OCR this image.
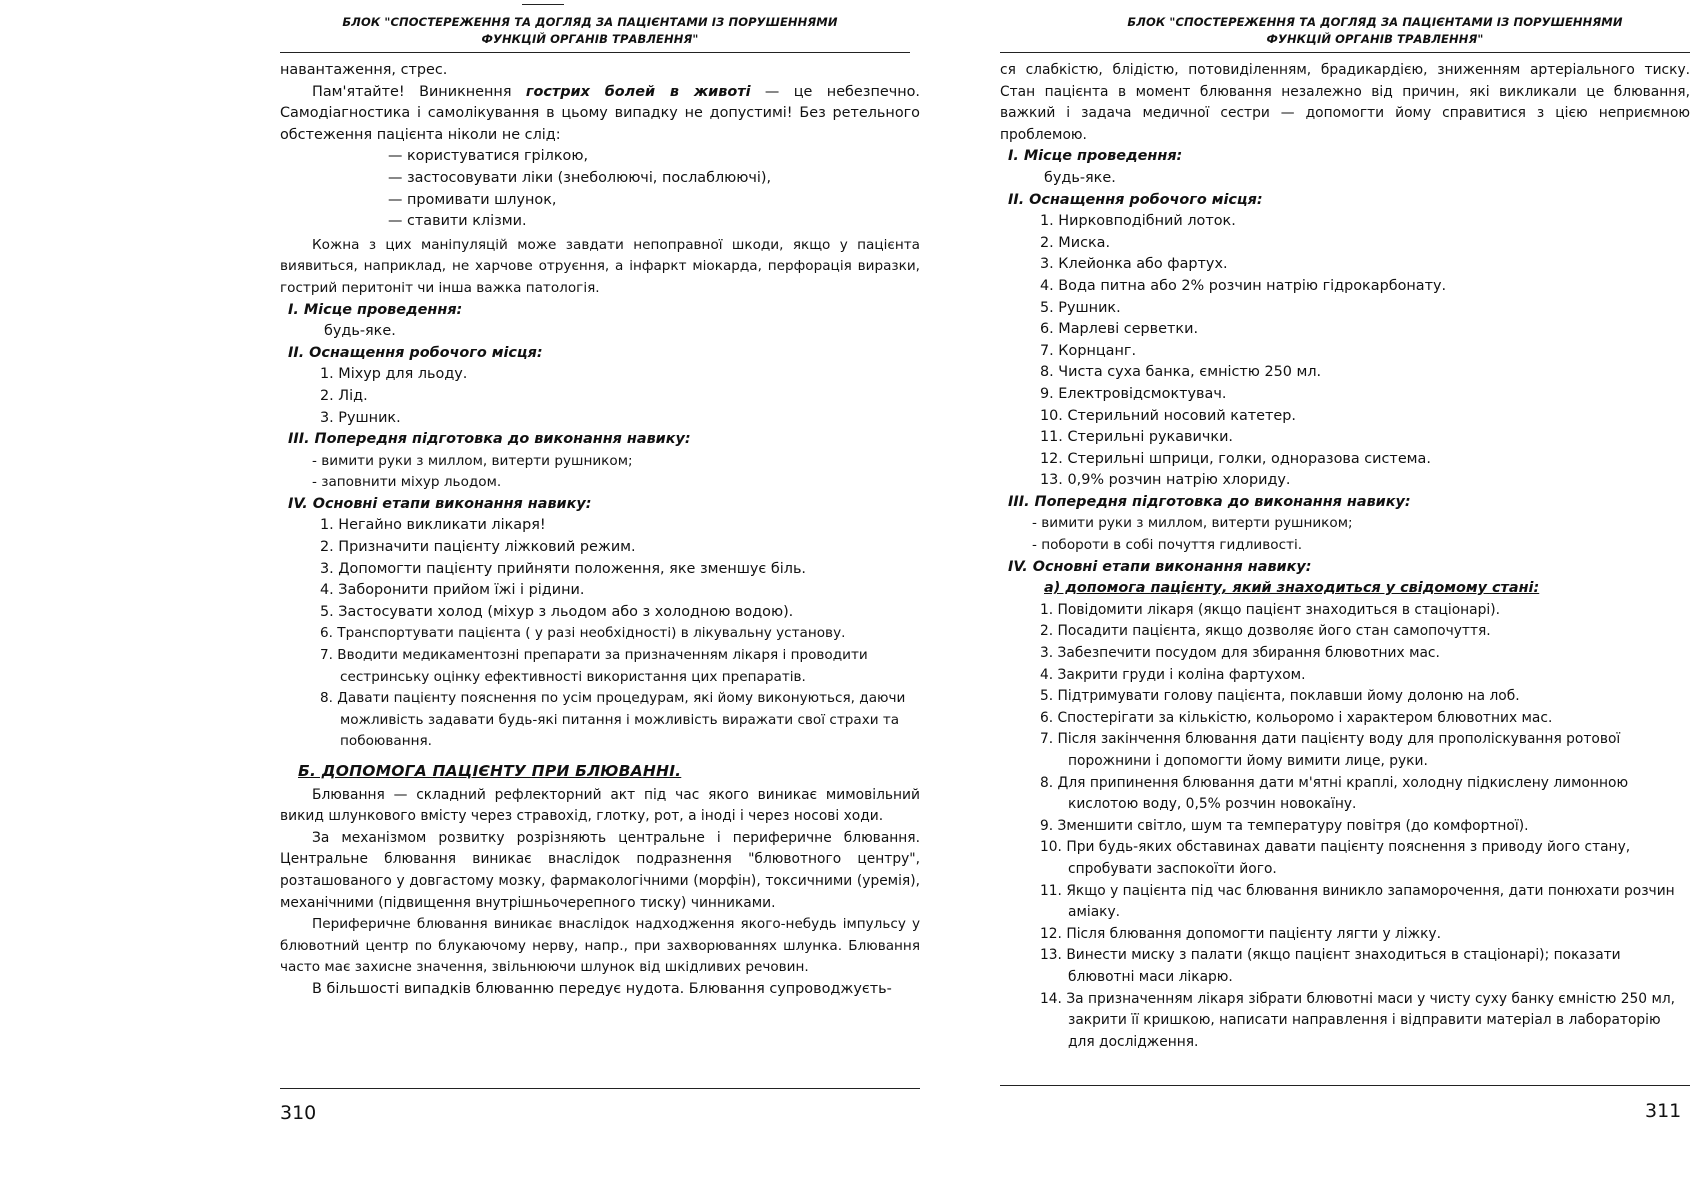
БЛОК "СПОСТЕРЕЖЕННЯ ТА ДОГЛЯД ЗА ПАЦІЄНТАМИ ІЗ ПОРУШЕННЯМИ
ФУНКЦІЙ ОРГАНІВ ТРАВЛЕННЯ"

навантаження, стрес.

Пам'ятайте! Виникнення гострих болей в животі — це небезпечно. Самодіагностика і самолікування в цьому випадку не допустимі! Без ретельного обстеження пацієнта ніколи не слід:

— користуватися грілкою,
— застосовувати ліки (знеболюючі, послаблюючі),
— промивати шлунок,
— ставити клізми.

Кожна з цих маніпуляцій може завдати непоправної шкоди, якщо у пацієнта виявиться, наприклад, не харчове отруєння, а інфаркт міокарда, перфорація виразки, гострий перитоніт чи інша важка патологія.

І. Місце проведення:
будь-яке.
ІІ. Оснащення робочого місця:
1. Міхур для льоду.
2. Лід.
3. Рушник.
ІІІ. Попередня підготовка до виконання навику:
- вимити руки з миллом, витерти рушником;
- заповнити міхур льодом.
IV. Основні етапи виконання навику:
1. Негайно викликати лікаря!
2. Призначити пацієнту ліжковий режим.
3. Допомогти пацієнту прийняти положення, яке зменшує біль.
4. Заборонити прийом їжі і рідини.
5. Застосувати холод (міхур з льодом або з холодною водою).
6. Транспортувати пацієнта ( у разі необхідності) в лікувальну установу.
7. Вводити медикаментозні препарати за призначенням лікаря і проводити сестринську оцінку ефективності використання цих препаратів.
8. Давати пацієнту пояснення по усім процедурам, які йому виконуються, даючи можливість задавати будь-які питання і можливість виражати свої страхи та побоювання.
Б. ДОПОМОГА ПАЦІЄНТУ ПРИ БЛЮВАННІ.

Блювання — складний рефлекторний акт під час якого виникає мимовільний викид шлункового вмісту через стравохід, глотку, рот, а іноді і через носові ходи.

За механізмом розвитку розрізняють центральне і периферичне блювання. Центральне блювання виникає внаслідок подразнення "блювотного центру", розташованого у довгастому мозку, фармакологічними (морфін), токсичними (уремія), механічними (підвищення внутрішньочерепного тиску) чинниками.

Периферичне блювання виникає внаслідок надходження якого-небудь імпульсу у блювотний центр по блукаючому нерву, напр., при захворюваннях шлунка. Блювання часто має захисне значення, звільнюючи шлунок від шкідливих речовин.

В більшості випадків блюванню передує нудота. Блювання супроводжуєть-

310
БЛОК "СПОСТЕРЕЖЕННЯ ТА ДОГЛЯД ЗА ПАЦІЄНТАМИ ІЗ ПОРУШЕННЯМИ
ФУНКЦІЙ ОРГАНІВ ТРАВЛЕННЯ"

ся слабкістю, блідістю, потовиділенням, брадикардією, зниженням артеріального тиску. Стан пацієнта в момент блювання незалежно від причин, які викликали це блювання, важкий і задача медичної сестри — допомогти йому справитися з цією неприємною проблемою.

І. Місце проведення:
будь-яке.
ІІ. Оснащення робочого місця:
1. Нирковподібний лоток.
2. Миска.
3. Клейонка або фартух.
4. Вода питна або 2% розчин натрію гідрокарбонату.
5. Рушник.
6. Марлеві серветки.
7. Корнцанг.
8. Чиста суха банка, ємністю 250 мл.
9. Електровідсмоктувач.
10. Стерильний носовий катетер.
11. Стерильні рукавички.
12. Стерильні шприци, голки, одноразова система.
13. 0,9% розчин натрію хлориду.
ІІІ. Попередня підготовка до виконання навику:
- вимити руки з миллом, витерти рушником;
- побороти в собі почуття гидливості.
IV. Основні етапи виконання навику:
а) допомога пацієнту, який знаходиться у свідомому стані:
1. Повідомити лікаря (якщо пацієнт знаходиться в стаціонарі).
2. Посадити пацієнта, якщо дозволяє його стан самопочуття.
3. Забезпечити посудом для збирання блювотних мас.
4. Закрити груди і коліна фартухом.
5. Підтримувати голову пацієнта, поклавши йому долоню на лоб.
6. Спостерігати за кількістю, кольоромо і характером блювотних мас.
7. Після закінчення блювання дати пацієнту воду для прополіскування ротової порожнини і допомогти йому вимити лице, руки.
8. Для припинення блювання дати м'ятні краплі, холодну підкислену лимонною кислотою воду, 0,5% розчин новокаїну.
9. Зменшити світло, шум та температуру повітря (до комфортної).
10. При будь-яких обставинах давати пацієнту пояснення з приводу його стану, спробувати заспокоїти його.
11. Якщо у пацієнта під час блювання виникло запаморочення, дати понюхати розчин аміаку.
12. Після блювання допомогти пацієнту лягти у ліжку.
13. Винести миску з палати (якщо пацієнт знаходиться в стаціонарі); показати блювотні маси лікарю.
14. За призначенням лікаря зібрати блювотні маси у чисту суху банку ємністю 250 мл, закрити її кришкою, написати направлення і відправити матеріал в лабораторію для дослідження.
311
